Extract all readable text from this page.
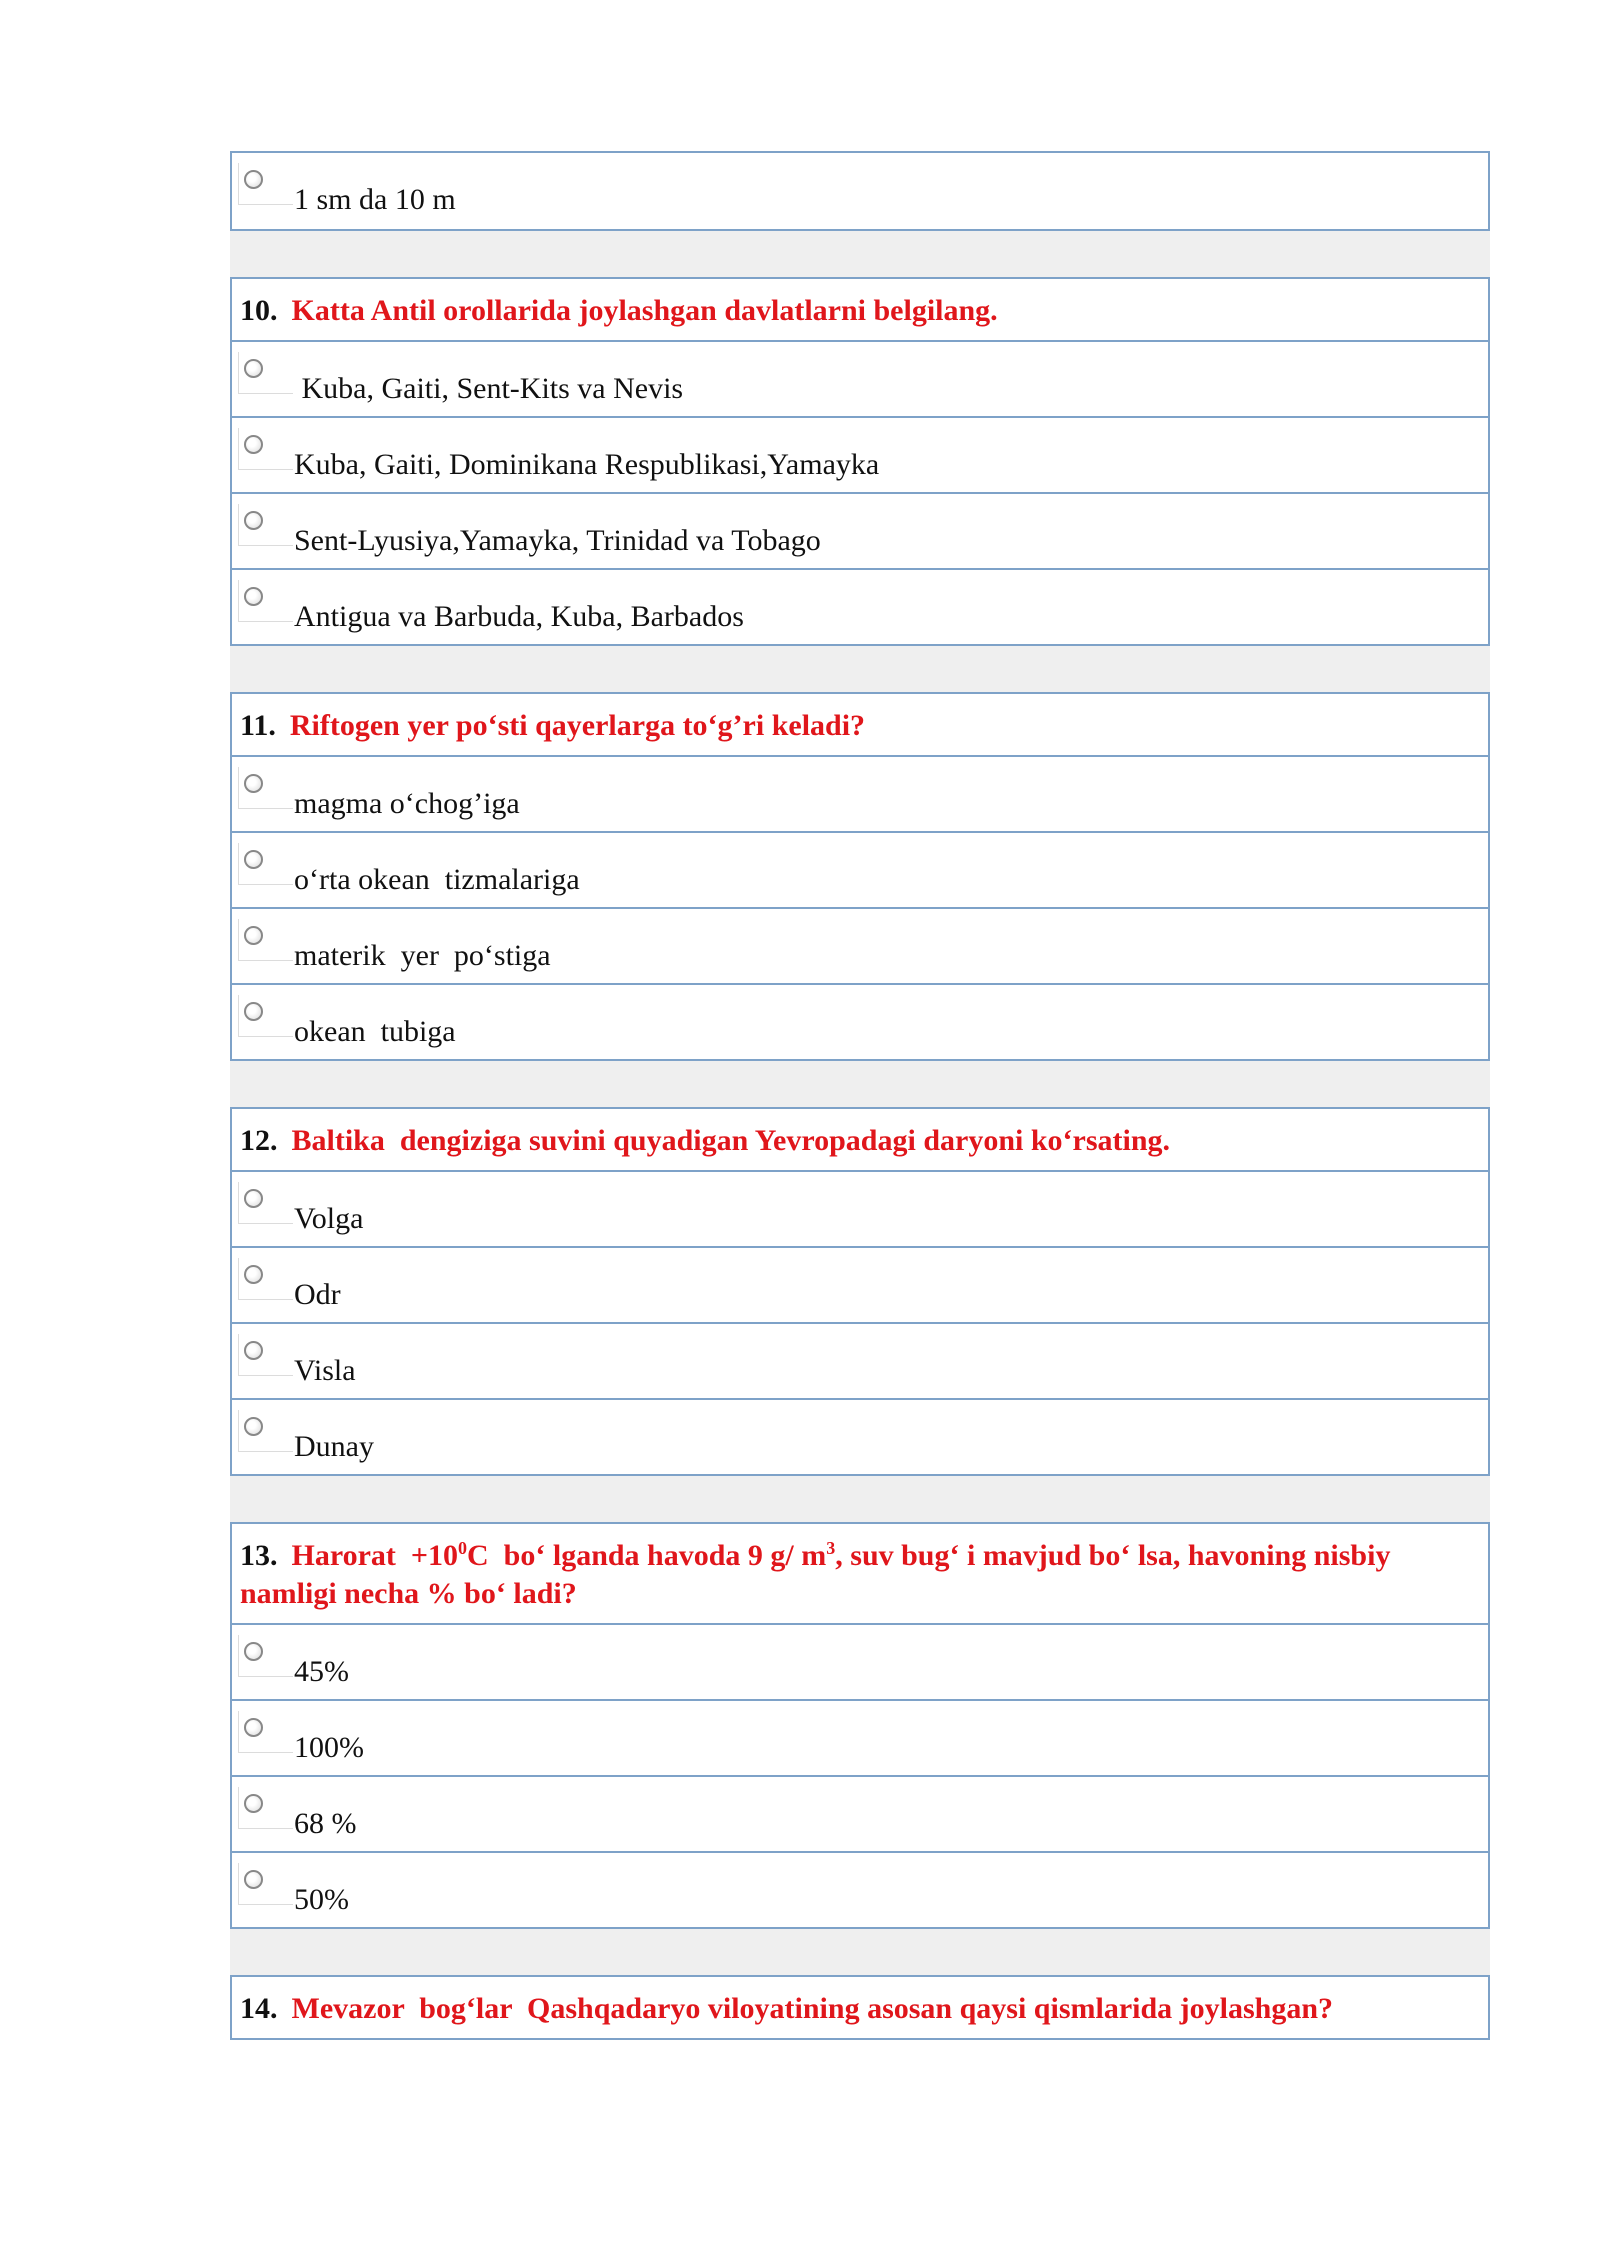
1 sm da 10 m
10. Katta Antil orollarida joylashgan davlatlarni belgilang.
Kuba, Gaiti, Sent-Kits va Nevis
Kuba, Gaiti, Dominikana Respublikasi,Yamayka
Sent-Lyusiya,Yamayka, Trinidad va Tobago
Antigua va Barbuda, Kuba, Barbados
11. Riftogen yer po‘sti qayerlarga to‘g’ri keladi?
magma o‘chog’iga
o‘rta okean  tizmalariga
materik  yer  po‘stiga
okean  tubiga
12. Baltika  dengiziga suvini quyadigan Yevropadagi daryoni ko‘rsating.
Volga
Odr
Visla
Dunay
13. Harorat  $+10^0C$  bo‘ lganda havoda 9 g/ $m^3$, suv bug‘ i mavjud bo‘ lsa, havoning nisbiy namligi necha % bo‘ ladi?
45%
100%
68 %
50%
14. Mevazor  bog‘lar  Qashqadaryo viloyatining asosan qaysi qismlarida joylashgan?
